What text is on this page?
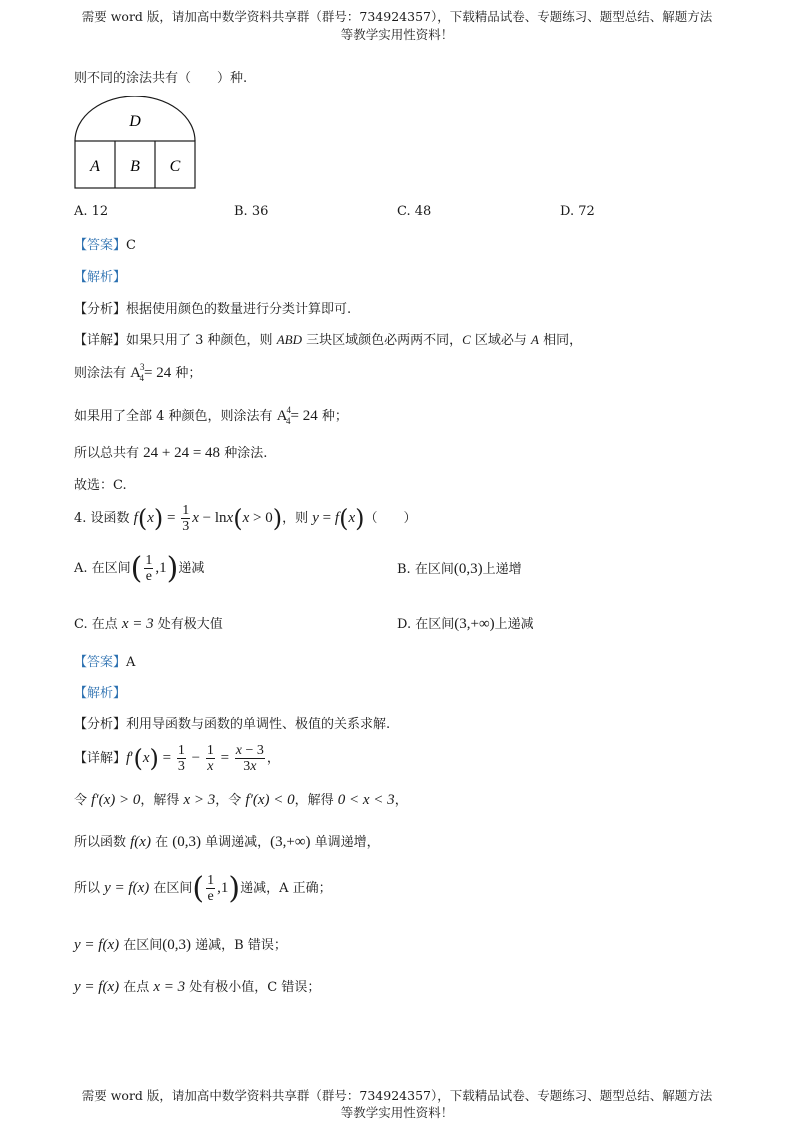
需要 word 版，请加高中数学资料共享群（群号：734924357），下载精品试卷、专题练习、题型总结、解题方法
等教学实用性资料！
则不同的涂法共有（　　）种.
D
A B C
A. 12	B. 36	C. 48	D. 72
【答案】C
【解析】
【分析】根据使用颜色的数量进行分类计算即可.
【详解】如果只用了 3 种颜色，则 ABD 三块区域颜色必两两不同，C 区域必与 A 相同，
则涂法有 $A^3_4= 24$ 种；
如果用了全部 4 种颜色，则涂法有 $A^4_4= 24$ 种；
所以总共有 24 + 24 = 48 种涂法.
故选：C.
4. 设函数 $f(x) = \frac{1}{3}$ x − lnx(x > 0)，则 y = f(x)（　　）
A. 在区间( $\frac{1}{e} ,1$)递减	B. 在区间(0,3)上递增
C. 在点 x = 3 处有极大值	D. 在区间(3,+∞)上递减
【答案】A
【解析】
【分析】利用导函数与函数的单调性、极值的关系求解.
【详解】$f'(x) = \frac{1}{3} - \frac{1}{x} = \frac{x - 3}{3x}$ ，
令 f′(x) > 0，解得 x > 3，令 f′(x) < 0，解得 0 < x < 3，
所以函数 f(x) 在 (0,3) 单调递减，(3,+∞) 单调递增，
所以 y = f(x) 在区间( $\frac{1}{e} ,1$)递减，A 正确；
y = f(x) 在区间(0,3) 递减，B 错误；
y = f(x) 在点 x = 3 处有极小值，C 错误；
需要 word 版，请加高中数学资料共享群（群号：734924357），下载精品试卷、专题练习、题型总结、解题方法
等教学实用性资料！
